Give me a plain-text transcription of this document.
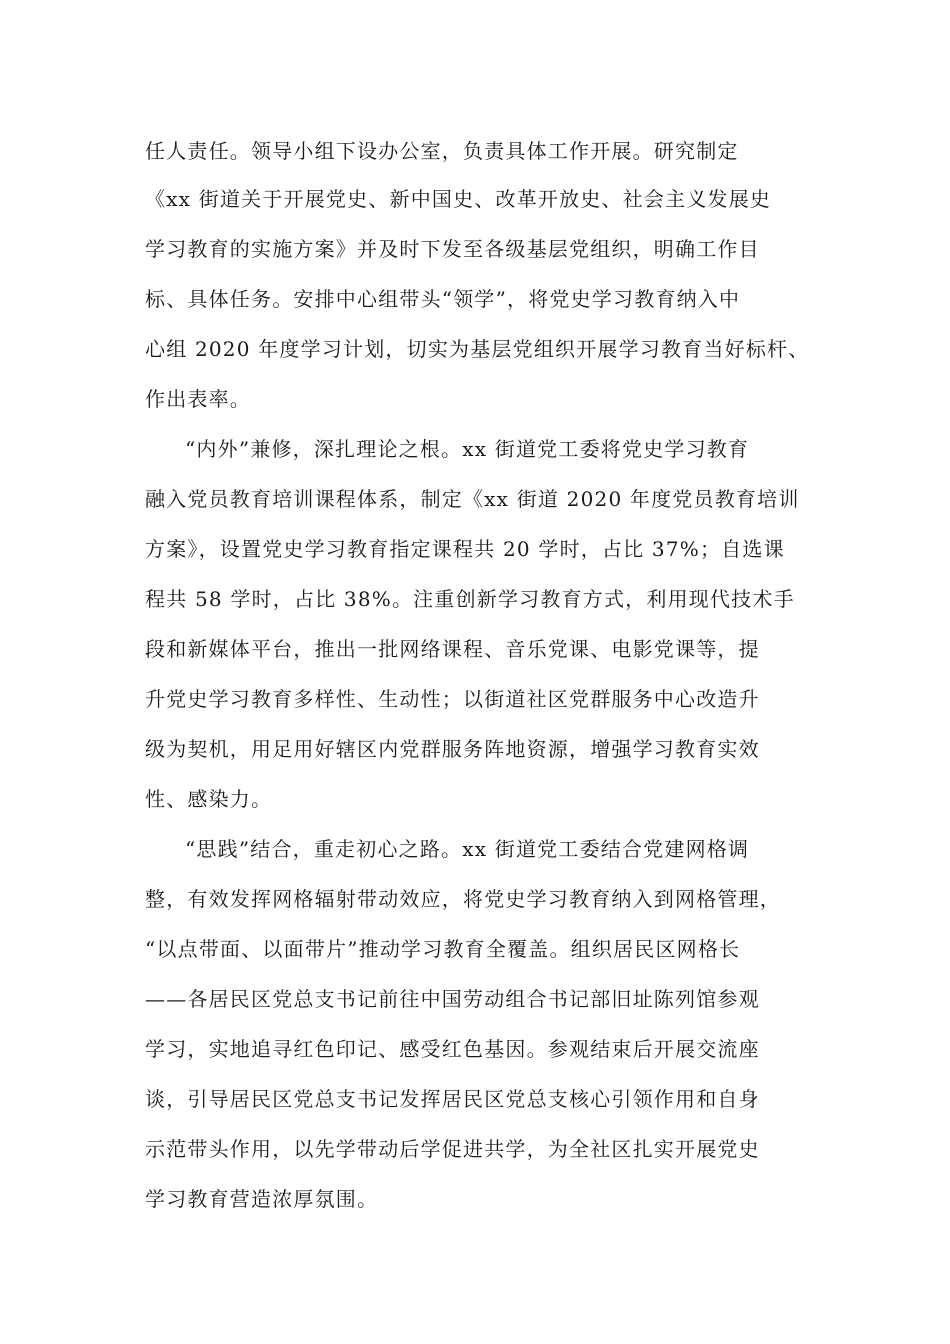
任人责任。领导小组下设办公室，负责具体工作开展。研究制定
《xx 街道关于开展党史、新中国史、改革开放史、社会主义发展史
学习教育的实施方案》并及时下发至各级基层党组织，明确工作目
标、具体任务。安排中心组带头“领学”，将党史学习教育纳入中
心组 2020 年度学习计划，切实为基层党组织开展学习教育当好标杆、
作出表率。
“内外”兼修，深扎理论之根。xx 街道党工委将党史学习教育
融入党员教育培训课程体系，制定《xx 街道 2020 年度党员教育培训
方案》，设置党史学习教育指定课程共 20 学时，占比 37%；自选课
程共 58 学时，占比 38%。注重创新学习教育方式，利用现代技术手
段和新媒体平台，推出一批网络课程、音乐党课、电影党课等，提
升党史学习教育多样性、生动性；以街道社区党群服务中心改造升
级为契机，用足用好辖区内党群服务阵地资源，增强学习教育实效
性、感染力。
“思践”结合，重走初心之路。xx 街道党工委结合党建网格调
整，有效发挥网格辐射带动效应，将党史学习教育纳入到网格管理，
“以点带面、以面带片”推动学习教育全覆盖。组织居民区网格长
——各居民区党总支书记前往中国劳动组合书记部旧址陈列馆参观
学习，实地追寻红色印记、感受红色基因。参观结束后开展交流座
谈，引导居民区党总支书记发挥居民区党总支核心引领作用和自身
示范带头作用，以先学带动后学促进共学，为全社区扎实开展党史
学习教育营造浓厚氛围。
